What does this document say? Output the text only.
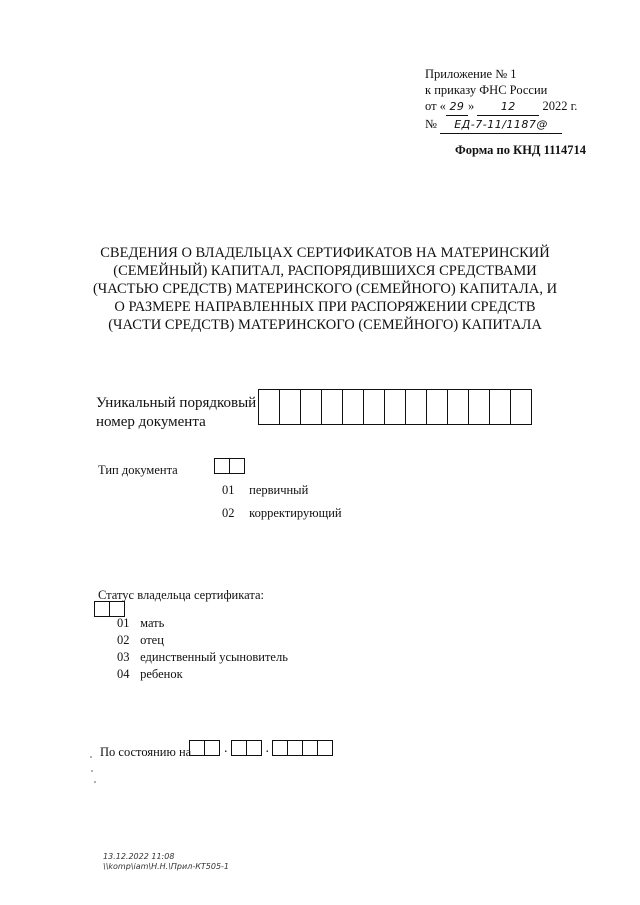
Приложение № 1
к приказу ФНС России
от « 29 » 12 2022 г.
№ ЕД-7-11/1187@
Форма по КНД 1114714
СВЕДЕНИЯ О ВЛАДЕЛЬЦАХ СЕРТИФИКАТОВ НА МАТЕРИНСКИЙ (СЕМЕЙНЫЙ) КАПИТАЛ, РАСПОРЯДИВШИХСЯ СРЕДСТВАМИ (ЧАСТЬЮ СРЕДСТВ) МАТЕРИНСКОГО (СЕМЕЙНОГО) КАПИТАЛА, И О РАЗМЕРЕ НАПРАВЛЕННЫХ ПРИ РАСПОРЯЖЕНИИ СРЕДСТВ (ЧАСТИ СРЕДСТВ) МАТЕРИНСКОГО (СЕМЕЙНОГО) КАПИТАЛА
Уникальный порядковый
номер документа
Тип документа
01 первичный
02 корректирующий
Статус владельца сертификата:
01 мать
02 отец
03 единственный усыновитель
04 ребенок
По состоянию на .	.
13.12.2022 11:08
\\komp\iam\H.H.\Прил-КТ505-1
